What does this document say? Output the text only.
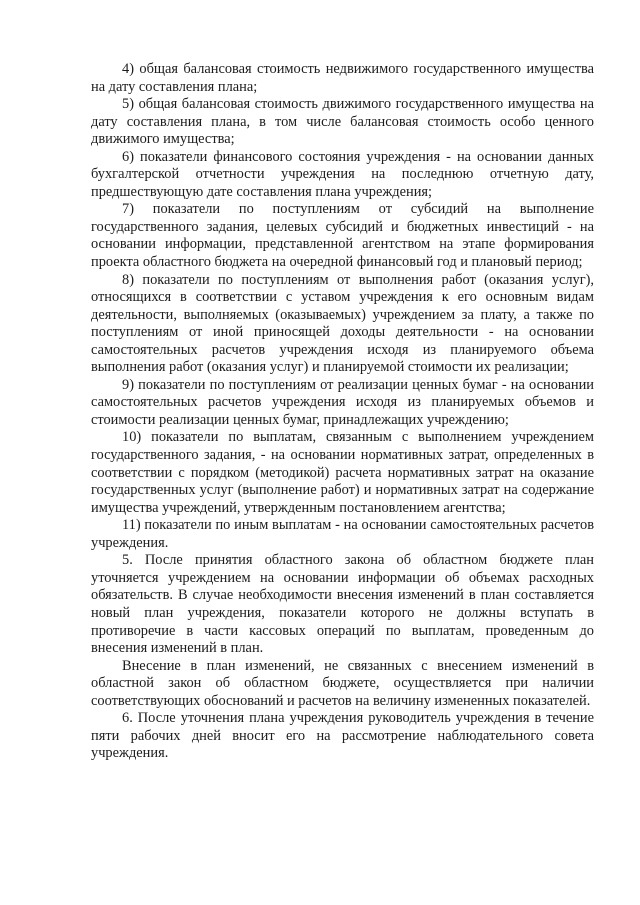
4) общая балансовая стоимость недвижимого государственного имущества на дату составления плана;

5) общая балансовая стоимость движимого государственного имущества на дату составления плана, в том числе балансовая стоимость особо ценного движимого имущества;

6) показатели финансового состояния учреждения - на основании данных бухгалтерской отчетности учреждения на последнюю отчетную дату, предшествующую дате составления плана учреждения;

7) показатели по поступлениям от субсидий на выполнение государственного задания, целевых субсидий и бюджетных инвестиций - на основании информации, представленной агентством на этапе формирования проекта областного бюджета на очередной финансовый год и плановый период;

8) показатели по поступлениям от выполнения работ (оказания услуг), относящихся в соответствии с уставом учреждения к его основным видам деятельности, выполняемых (оказываемых) учреждением за плату, а также по поступлениям от иной приносящей доходы деятельности - на основании самостоятельных расчетов учреждения исходя из планируемого объема выполнения работ (оказания услуг) и планируемой стоимости их реализации;

9) показатели по поступлениям от реализации ценных бумаг - на основании самостоятельных расчетов учреждения исходя из планируемых объемов и стоимости реализации ценных бумаг, принадлежащих учреждению;

10) показатели по выплатам, связанным с выполнением учреждением государственного задания, - на основании нормативных затрат, определенных в соответствии с порядком (методикой) расчета нормативных затрат на оказание государственных услуг (выполнение работ) и нормативных затрат на содержание имущества учреждений, утвержденным постановлением агентства;

11) показатели по иным выплатам - на основании самостоятельных расчетов учреждения.

5. После принятия областного закона об областном бюджете план уточняется учреждением на основании информации об объемах расходных обязательств. В случае необходимости внесения изменений в план составляется новый план учреждения, показатели которого не должны вступать в противоречие в части кассовых операций по выплатам, проведенным до внесения изменений в план.

Внесение в план изменений, не связанных с внесением изменений в областной закон об областном бюджете, осуществляется при наличии соответствующих обоснований и расчетов на величину измененных показателей.

6. После уточнения плана учреждения руководитель учреждения в течение пяти рабочих дней вносит его на рассмотрение наблюдательного совета учреждения.
